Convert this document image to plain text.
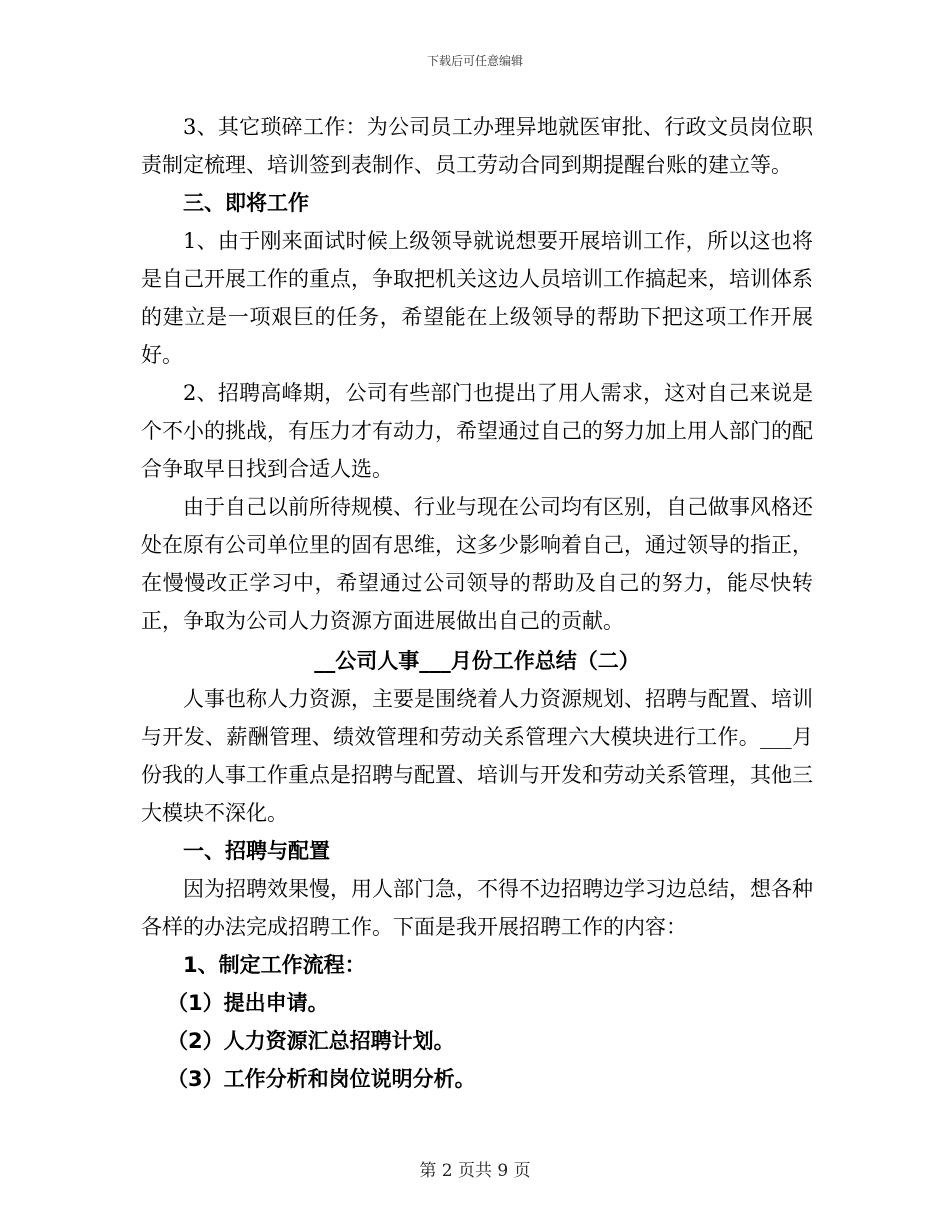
下载后可任意编辑

3、其它琐碎工作：为公司员工办理异地就医审批、行政文员岗位职责制定梳理、培训签到表制作、员工劳动合同到期提醒台账的建立等。

三、即将工作

1、由于刚来面试时候上级领导就说想要开展培训工作，所以这也将是自己开展工作的重点，争取把机关这边人员培训工作搞起来，培训体系的建立是一项艰巨的任务，希望能在上级领导的帮助下把这项工作开展好。

2、招聘高峰期，公司有些部门也提出了用人需求，这对自己来说是个不小的挑战，有压力才有动力，希望通过自己的努力加上用人部门的配合争取早日找到合适人选。

由于自己以前所待规模、行业与现在公司均有区别，自己做事风格还处在原有公司单位里的固有思维，这多少影响着自己，通过领导的指正，在慢慢改正学习中，希望通过公司领导的帮助及自己的努力，能尽快转正，争取为公司人力资源方面进展做出自己的贡献。

__公司人事___月份工作总结（二）

人事也称人力资源，主要是围绕着人力资源规划、招聘与配置、培训与开发、薪酬管理、绩效管理和劳动关系管理六大模块进行工作。___月份我的人事工作重点是招聘与配置、培训与开发和劳动关系管理，其他三大模块不深化。

一、招聘与配置

因为招聘效果慢，用人部门急，不得不边招聘边学习边总结，想各种各样的办法完成招聘工作。下面是我开展招聘工作的内容：

1、制定工作流程：

（1）提出申请。

（2）人力资源汇总招聘计划。

（3）工作分析和岗位说明分析。

第 2 页共 9 页
